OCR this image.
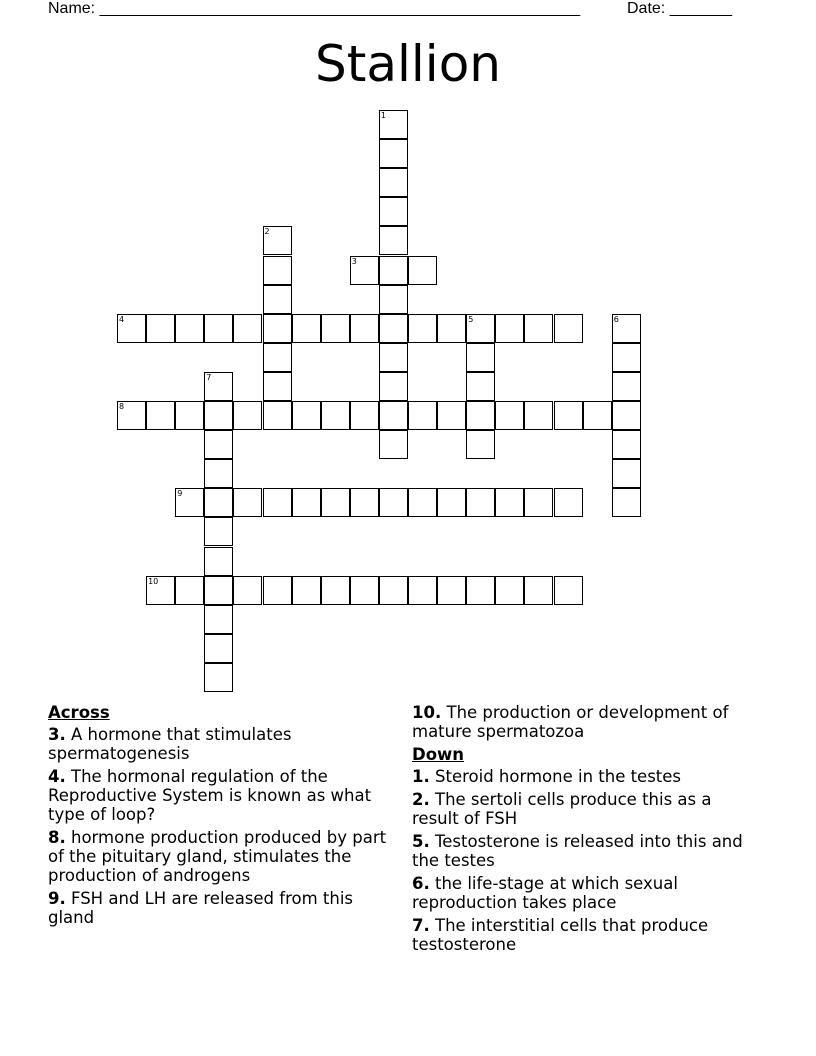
Name: ______________________________________________________	Date: _______
Stallion
1
2
3
4	5	6
7
8
9
10
Across
3. A hormone that stimulates spermatogenesis
4. The hormonal regulation of the Reproductive System is known as what type of loop?
8. hormone production produced by part of the pituitary gland, stimulates the production of androgens
9. FSH and LH are released from this gland
10. The production or development of mature spermatozoa
Down
1. Steroid hormone in the testes
2. The sertoli cells produce this as a result of FSH
5. Testosterone is released into this and the testes
6. the life-stage at which sexual reproduction takes place
7. The interstitial cells that produce testosterone
